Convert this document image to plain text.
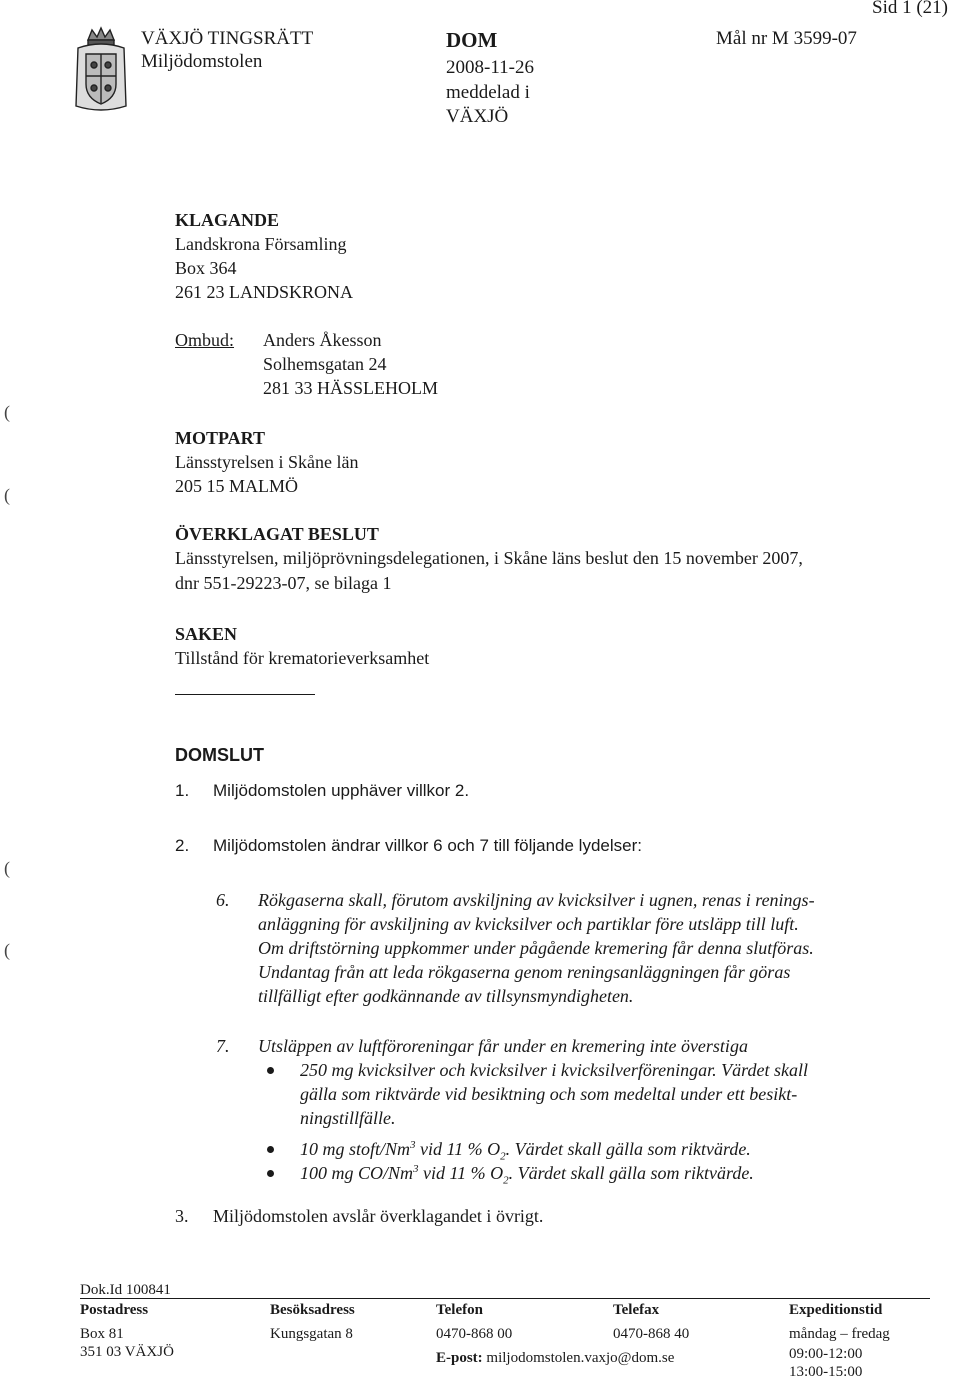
VÄXJÖ TINGSRÄTT
Miljödomstolen
DOM
2008-11-26
meddelad i
VÄXJÖ
Mål nr M 3599-07
Sid 1 (21)
(
(
(
(
KLAGANDE
Landskrona Församling
Box 364
261 23 LANDSKRONA
Ombud: Anders Åkesson
Solhemsgatan 24
281 33 HÄSSLEHOLM
MOTPART
Länsstyrelsen i Skåne län
205 15 MALMÖ
ÖVERKLAGAT BESLUT
Länsstyrelsen, miljöprövningsdelegationen, i Skåne läns beslut den 15 november 2007,
dnr 551-29223-07, se bilaga 1
SAKEN
Tillstånd för krematorieverksamhet
DOMSLUT
1. Miljödomstolen upphäver villkor 2.
2. Miljödomstolen ändrar villkor 6 och 7 till följande lydelser:
6. Rökgaserna skall, förutom avskiljning av kvicksilver i ugnen, renas i renings-
anläggning för avskiljning av kvicksilver och partiklar före utsläpp till luft.
Om driftstörning uppkommer under pågående kremering får denna slutföras.
Undantag från att leda rökgaserna genom reningsanläggningen får göras
tillfälligt efter godkännande av tillsynsmyndigheten.
7. Utsläppen av luftföroreningar får under en kremering inte överstiga
250 mg kvicksilver och kvicksilver i kvicksilverföreningar. Värdet skall
gälla som riktvärde vid besiktning och som medeltal under ett besikt-
ningstillfälle.
10 mg stoft/Nm$^3$ vid 11 % $O_2$. Värdet skall gälla som riktvärde.
100 mg CO/Nm$^3$ vid 11 % $O_2$. Värdet skall gälla som riktvärde.
3. Miljödomstolen avslår överklagandet i övrigt.
Dok.Id 100841
Postadress
Box 81
351 03 VÄXJÖ
Besöksadress
Kungsgatan 8
Telefon
0470-868 00
Telefax
0470-868 40
Expeditionstid
måndag – fredag
09:00-12:00
13:00-15:00
E-post: miljodomstolen.vaxjo@dom.se
